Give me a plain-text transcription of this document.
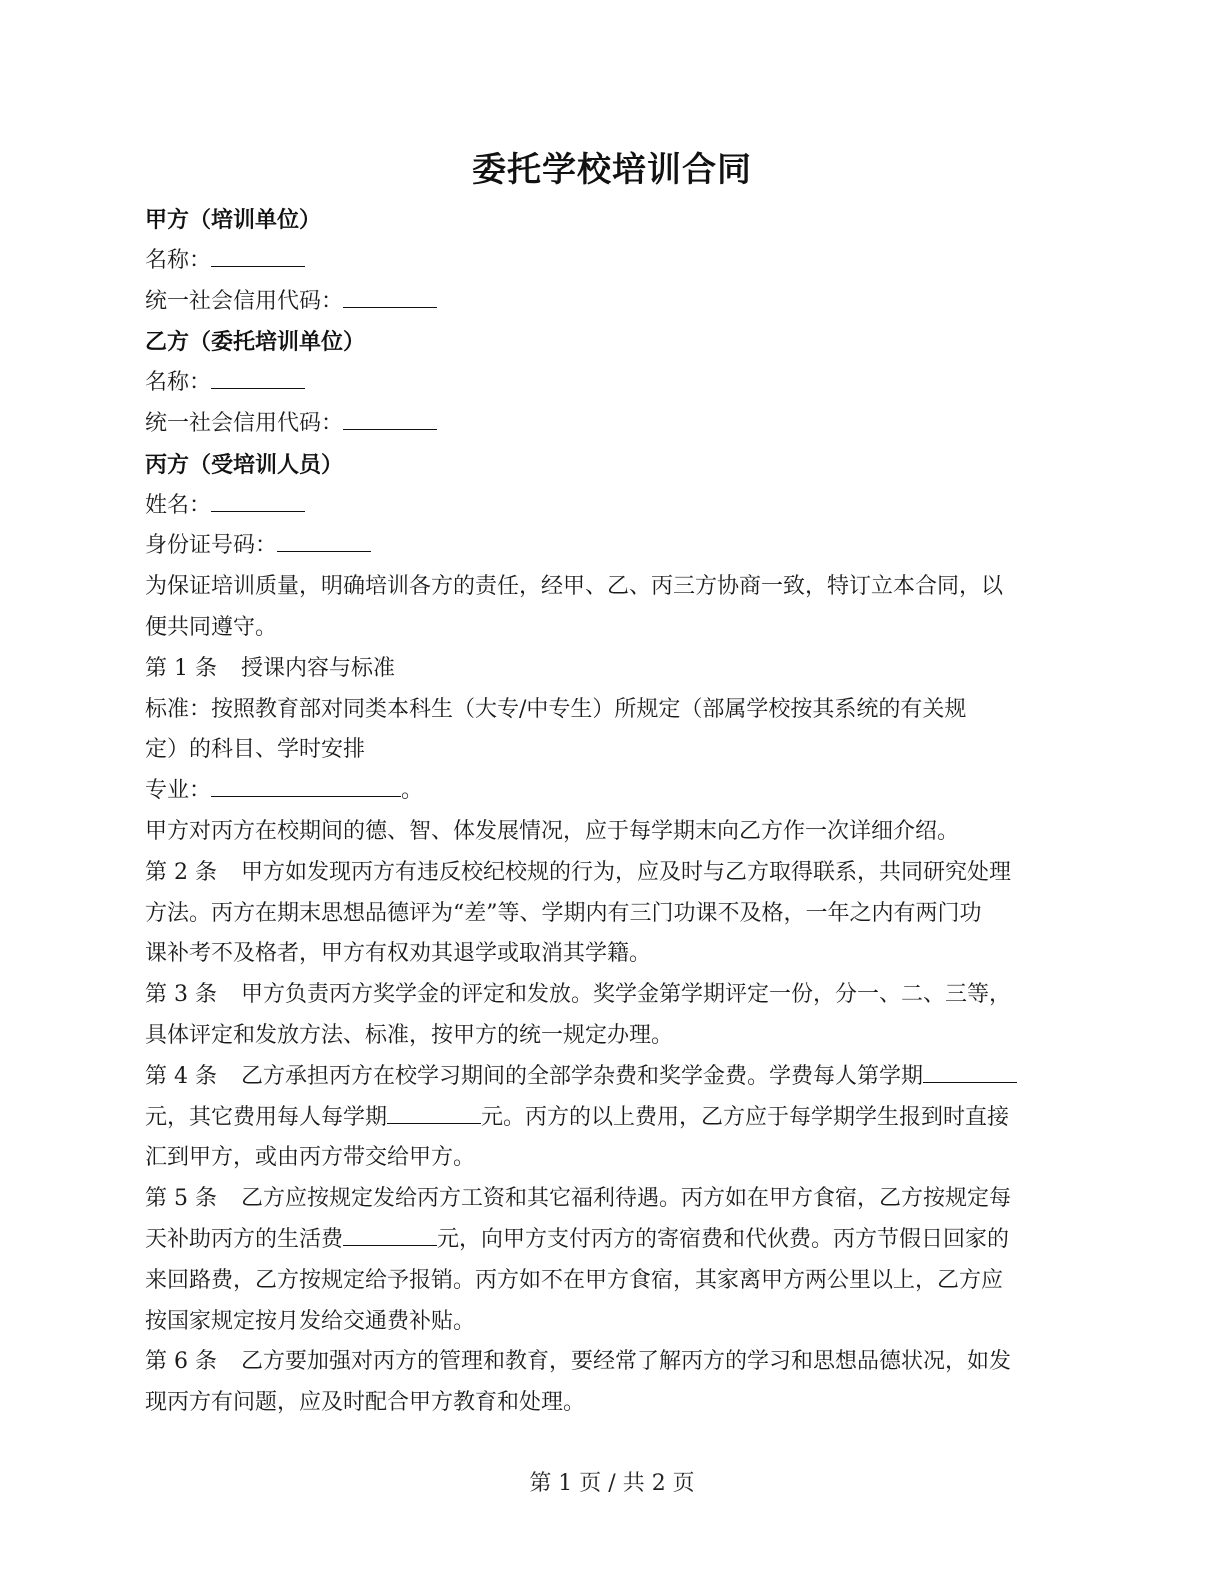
委托学校培训合同
甲方（培训单位）
名称：
统一社会信用代码：
乙方（委托培训单位）
名称：
统一社会信用代码：
丙方（受培训人员）
姓名：
身份证号码：
为保证培训质量，明确培训各方的责任，经甲、乙、丙三方协商一致，特订立本合同，以
便共同遵守。
第 1 条 授课内容与标准
标准：按照教育部对同类本科生（大专/中专生）所规定（部属学校按其系统的有关规
定）的科目、学时安排
专业：	。
甲方对丙方在校期间的德、智、体发展情况，应于每学期末向乙方作一次详细介绍。
第 2 条 甲方如发现丙方有违反校纪校规的行为，应及时与乙方取得联系，共同研究处理
方法。丙方在期末思想品德评为“差”等、学期内有三门功课不及格，一年之内有两门功
课补考不及格者，甲方有权劝其退学或取消其学籍。
第 3 条 甲方负责丙方奖学金的评定和发放。奖学金第学期评定一份，分一、二、三等，
具体评定和发放方法、标准，按甲方的统一规定办理。
第 4 条 乙方承担丙方在校学习期间的全部学杂费和奖学金费。学费每人第学期
元，其它费用每人每学期	元。丙方的以上费用，乙方应于每学期学生报到时直接
汇到甲方，或由丙方带交给甲方。
第 5 条 乙方应按规定发给丙方工资和其它福利待遇。丙方如在甲方食宿，乙方按规定每
天补助丙方的生活费	元，向甲方支付丙方的寄宿费和代伙费。丙方节假日回家的
来回路费，乙方按规定给予报销。丙方如不在甲方食宿，其家离甲方两公里以上，乙方应
按国家规定按月发给交通费补贴。
第 6 条 乙方要加强对丙方的管理和教育，要经常了解丙方的学习和思想品德状况，如发
现丙方有问题，应及时配合甲方教育和处理。
第 1 页 / 共 2 页
